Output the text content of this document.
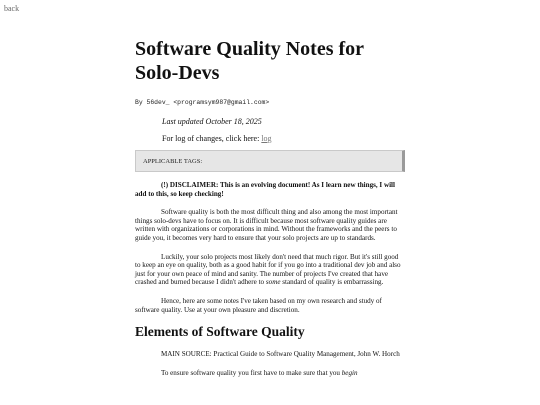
back
Software Quality Notes for Solo-Devs
By 56dev_ <programsym987@gmail.com>
Last updated October 18, 2025
For log of changes, click here: log
APPLICABLE TAGS:

(!) DISCLAIMER: This is an evolving document! As I learn new things, I will add to this, so keep checking!

Software quality is both the most difficult thing and also among the most important things solo-devs have to focus on. It is difficult because most software quality guides are written with organizations or corporations in mind. Without the frameworks and the peers to guide you, it becomes very hard to ensure that your solo projects are up to standards.

Luckily, your solo projects most likely don't need that much rigor. But it's still good to keep an eye on quality, both as a good habit for if you go into a traditional dev job and also just for your own peace of mind and sanity. The number of projects I've created that have crashed and burned because I didn't adhere to some standard of quality is embarrassing.

Hence, here are some notes I've taken based on my own research and study of software quality. Use at your own pleasure and discretion.

Elements of Software Quality

MAIN SOURCE: Practical Guide to Software Quality Management, John W. Horch

To ensure software quality you first have to make sure that you begin
